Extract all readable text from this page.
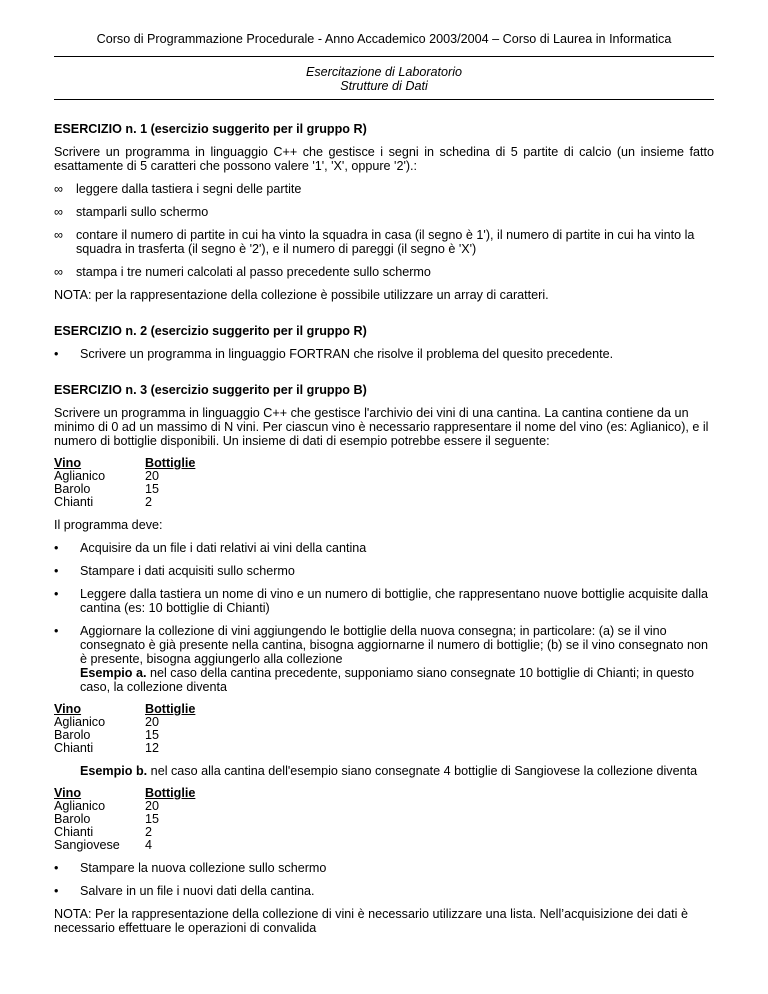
Corso di Programmazione Procedurale - Anno Accademico 2003/2004 – Corso di Laurea in Informatica
Esercitazione di Laboratorio
Strutture di Dati

ESERCIZIO n. 1 (esercizio suggerito per il gruppo R)

Scrivere un programma in linguaggio C++ che gestisce i segni in schedina di 5 partite di calcio (un insieme fatto esattamente di 5 caratteri che possono valere '1', 'X', oppure '2').:

∞	leggere dalla tastiera i segni delle partite
∞	stamparli sullo schermo
∞	contare il numero di partite in cui ha vinto la squadra in casa (il segno è 1'), il numero di partite in cui ha vinto la squadra in trasferta (il segno è '2'), e il numero di pareggi (il segno è 'X')
∞	stampa i tre numeri calcolati al passo precedente sullo schermo

NOTA: per la rappresentazione della collezione è possibile utilizzare un array di caratteri.

ESERCIZIO n. 2 (esercizio suggerito per il gruppo R)

•	Scrivere un programma in linguaggio FORTRAN che risolve il problema del quesito precedente.

ESERCIZIO n. 3 (esercizio suggerito per il gruppo B)

Scrivere un programma in linguaggio C++ che gestisce l'archivio dei vini di una cantina. La cantina contiene da un minimo di 0 ad un massimo di N vini. Per ciascun vino è necessario rappresentare il nome del vino (es: Aglianico), e il numero di bottiglie disponibili. Un insieme di dati di esempio potrebbe essere il seguente:

Vino	Bottiglie
Aglianico	20
Barolo	15
Chianti	2

Il programma deve:

•	Acquisire da un file i dati relativi ai vini della cantina
•	Stampare i dati acquisiti sullo schermo
•	Leggere dalla tastiera un nome di vino e un numero di bottiglie, che rappresentano nuove bottiglie acquisite dalla cantina (es: 10 bottiglie di Chianti)
•	Aggiornare la collezione di vini aggiungendo le bottiglie della nuova consegna; in particolare: (a) se il vino consegnato è già presente nella cantina, bisogna aggiornarne il numero di bottiglie; (b) se il vino consegnato non è presente, bisogna aggiungerlo alla collezione
Esempio a. nel caso della cantina precedente, supponiamo siano consegnate 10 bottiglie di Chianti; in questo caso, la collezione diventa
Vino	Bottiglie
Aglianico	20
Barolo	15
Chianti	12

Esempio b. nel caso alla cantina dell'esempio siano consegnate 4 bottiglie di Sangiovese la collezione diventa

Vino	Bottiglie
Aglianico	20
Barolo	15
Chianti	2
Sangiovese	4
•	Stampare la nuova collezione sullo schermo
•	Salvare in un file i nuovi dati della cantina.

NOTA: Per la rappresentazione della collezione di vini è necessario utilizzare una lista. Nell’acquisizione dei dati è necessario effettuare le operazioni di convalida
